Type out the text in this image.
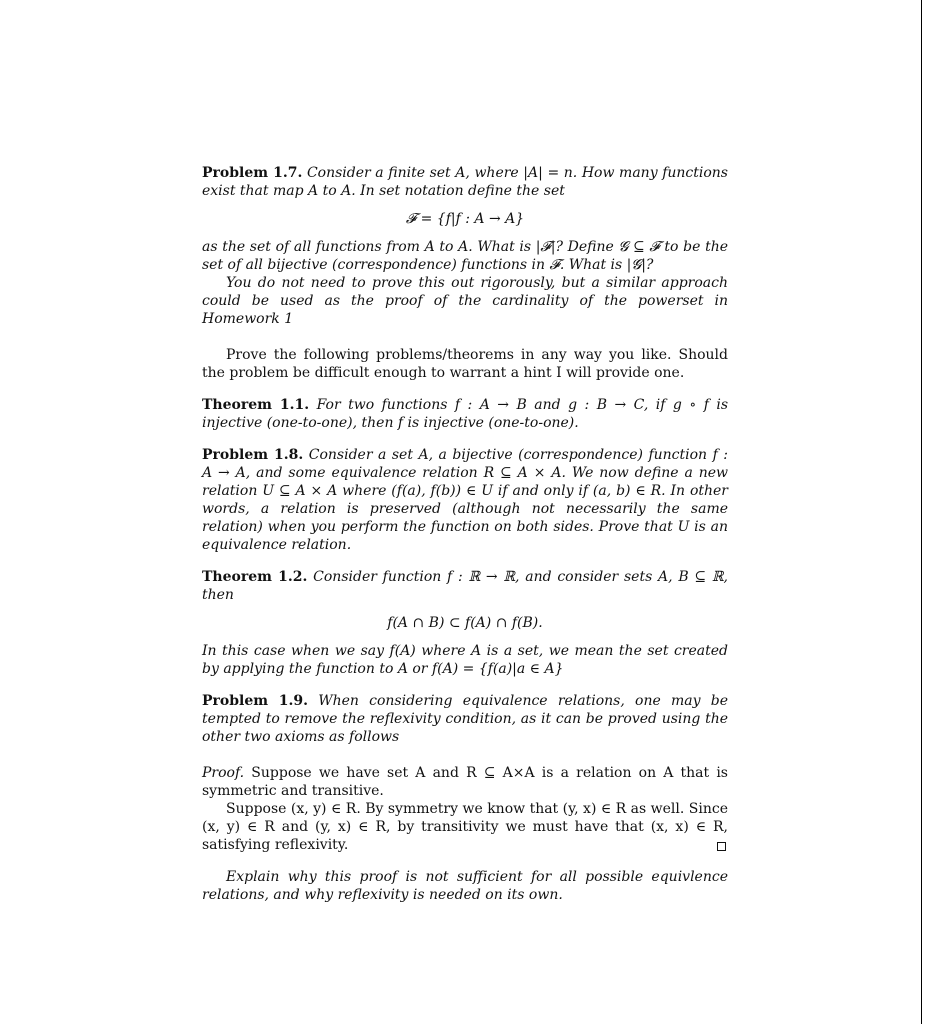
Problem 1.7. Consider a finite set A, where |A| = n. How many functions exist that map A to A. In set notation define the set

𝓕 = {f|f : A → A}

as the set of all functions from A to A. What is |𝓕|? Define 𝓖 ⊆ 𝓕 to be the set of all bijective (correspondence) functions in 𝓕. What is |𝓖|?

You do not need to prove this out rigorously, but a similar approach could be used as the proof of the cardinality of the powerset in Homework 1

Prove the following problems/theorems in any way you like. Should the problem be difficult enough to warrant a hint I will provide one.

Theorem 1.1. For two functions f : A → B and g : B → C, if g ∘ f is injective (one-to-one), then f is injective (one-to-one).

Problem 1.8. Consider a set A, a bijective (correspondence) function f : A → A, and some equivalence relation R ⊆ A × A. We now define a new relation U ⊆ A × A where (f(a), f(b)) ∈ U if and only if (a, b) ∈ R. In other words, a relation is preserved (although not necessarily the same relation) when you perform the function on both sides. Prove that U is an equivalence relation.

Theorem 1.2. Consider function f : ℝ → ℝ, and consider sets A, B ⊆ ℝ, then

f(A ∩ B) ⊂ f(A) ∩ f(B).

In this case when we say f(A) where A is a set, we mean the set created by applying the function to A or f(A) = {f(a)|a ∈ A}

Problem 1.9. When considering equivalence relations, one may be tempted to remove the reflexivity condition, as it can be proved using the other two axioms as follows

Proof. Suppose we have set A and R ⊆ A×A is a relation on A that is symmetric and transitive.

Suppose (x, y) ∈ R. By symmetry we know that (y, x) ∈ R as well. Since (x, y) ∈ R and (y, x) ∈ R, by transitivity we must have that (x, x) ∈ R, satisfying reflexivity.

Explain why this proof is not sufficient for all possible equivlence relations, and why reflexivity is needed on its own.
